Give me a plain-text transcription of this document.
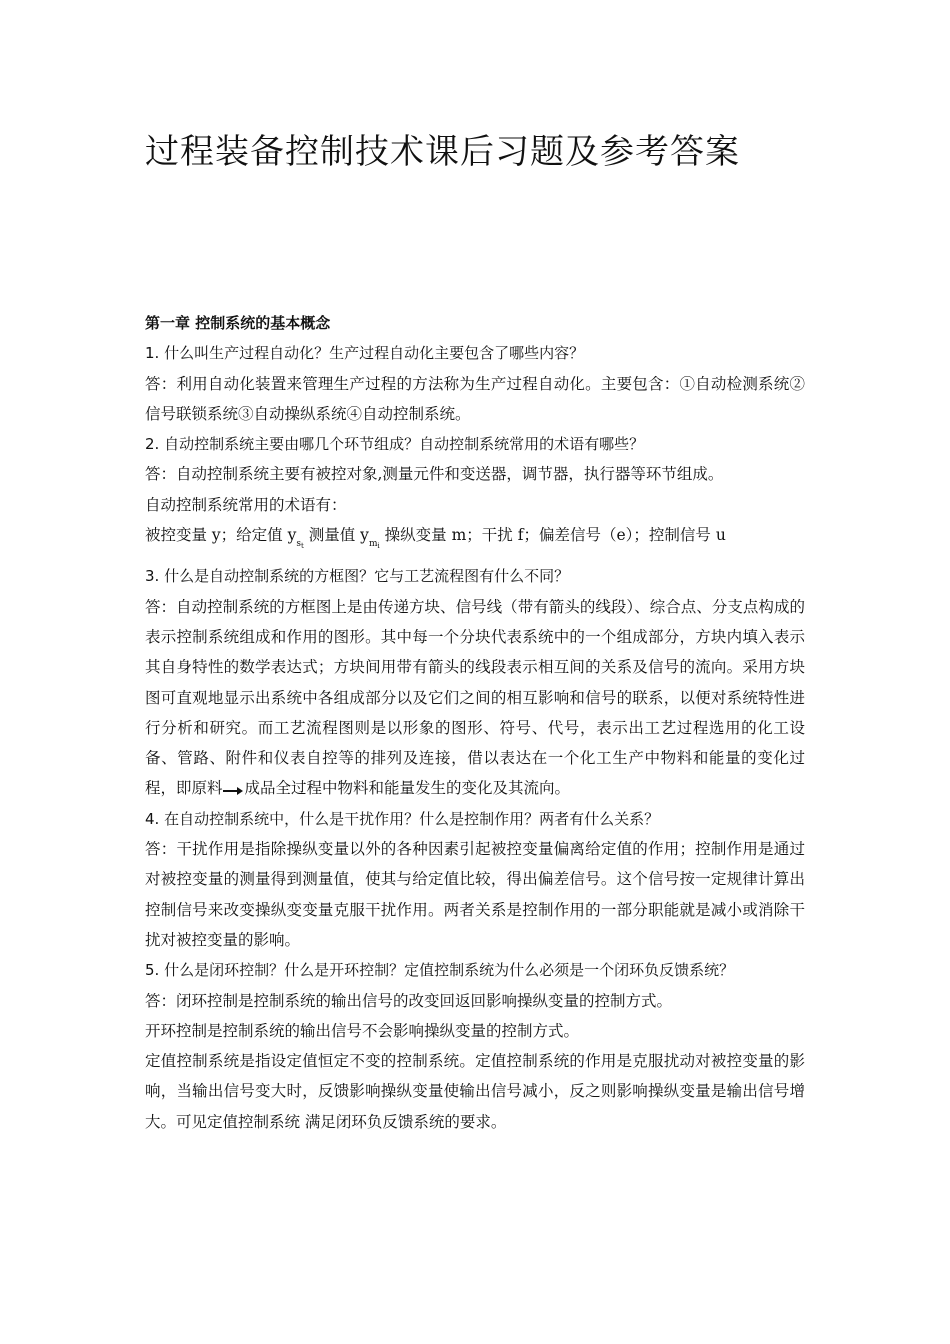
过程装备控制技术课后习题及参考答案

第一章 控制系统的基本概念

1. 什么叫生产过程自动化？生产过程自动化主要包含了哪些内容？

答：利用自动化装置来管理生产过程的方法称为生产过程自动化。主要包含：①自动检测系统②信号联锁系统③自动操纵系统④自动控制系统。

2. 自动控制系统主要由哪几个环节组成？自动控制系统常用的术语有哪些？

答：自动控制系统主要有被控对象,测量元件和变送器，调节器，执行器等环节组成。

自动控制系统常用的术语有：

被控变量 y；给定值 $y_{s_t}$ 测量值 $y_{m_i}$ 操纵变量 m；干扰 f；偏差信号（e）；控制信号 u

3. 什么是自动控制系统的方框图？它与工艺流程图有什么不同？

答：自动控制系统的方框图上是由传递方块、信号线（带有箭头的线段）、综合点、分支点构成的表示控制系统组成和作用的图形。其中每一个分块代表系统中的一个组成部分，方块内填入表示其自身特性的数学表达式；方块间用带有箭头的线段表示相互间的关系及信号的流向。采用方块图可直观地显示出系统中各组成部分以及它们之间的相互影响和信号的联系，以便对系统特性进行分析和研究。而工艺流程图则是以形象的图形、符号、代号，表示出工艺过程选用的化工设备、管路、附件和仪表自控等的排列及连接，借以表达在一个化工生产中物料和能量的变化过程，即原料 成品全过程中物料和能量发生的变化及其流向。

4. 在自动控制系统中，什么是干扰作用？什么是控制作用？两者有什么关系？

答：干扰作用是指除操纵变量以外的各种因素引起被控变量偏离给定值的作用；控制作用是通过对被控变量的测量得到测量值，使其与给定值比较，得出偏差信号。这个信号按一定规律计算出控制信号来改变操纵变变量克服干扰作用。两者关系是控制作用的一部分职能就是减小或消除干扰对被控变量的影响。

5. 什么是闭环控制？什么是开环控制？定值控制系统为什么必须是一个闭环负反馈系统？

答：闭环控制是控制系统的输出信号的改变回返回影响操纵变量的控制方式。

开环控制是控制系统的输出信号不会影响操纵变量的控制方式。

定值控制系统是指设定值恒定不变的控制系统。定值控制系统的作用是克服扰动对被控变量的影响，当输出信号变大时，反馈影响操纵变量使输出信号减小，反之则影响操纵变量是输出信号增大。可见定值控制系统 满足闭环负反馈系统的要求。
